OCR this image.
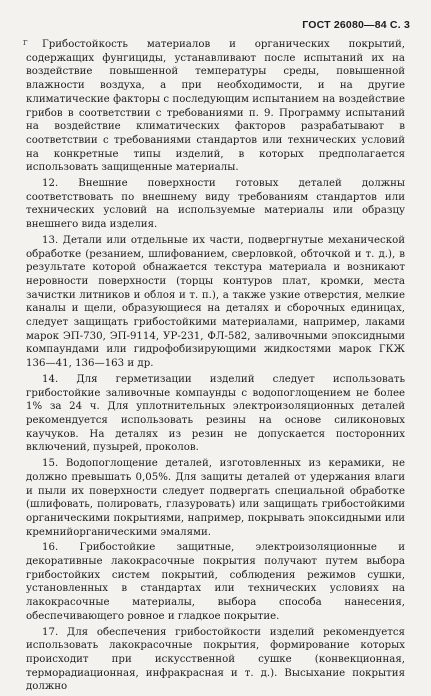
ГОСТ 26080—84 С. 3
г	Грибостойкость материалов и органических покрытий, содержащих фунгициды, устанавливают после испытаний их на воздействие повышенной температуры среды, повышенной влажности воздуха, а при необходимости, и на другие климатические факторы с последующим испытанием на воздействие грибов в соответствии с требованиями п. 9. Программу испытаний на воздействие климатических факторов разрабатывают в соответствии с требованиями стандартов или технических условий на конкретные типы изделий, в которых предполагается использовать защищенные материалы.

12. Внешние поверхности готовых деталей должны соответствовать по внешнему виду требованиям стандартов или технических условий на используемые материалы или образцу внешнего вида изделия.

13. Детали или отдельные их части, подвергнутые механической обработке (резанием, шлифованием, сверловкой, обточкой и т. д.), в результате которой обнажается текстура материала и возникают неровности поверхности (торцы контуров плат, кромки, места зачистки литников и облоя и т. п.), а также узкие отверстия, мелкие каналы и щели, образующиеся на деталях и сборочных единицах, следует защищать грибостойкими материалами, например, лаками марок ЭП-730, ЭП-9114, УР-231, ФЛ-582, заливочными эпоксидными компаундами или гидрофобизирующими жидкостями марок ГКЖ 136—41, 136—163 и др.

14. Для герметизации изделий следует использовать грибостойкие заливочные компаунды с водопоглощением не более 1% за 24 ч. Для уплотнительных электроизоляционных деталей рекомендуется использовать резины на основе силиконовых каучуков. На деталях из резин не допускается посторонних включений, пузырей, проколов.

15. Водопоглощение деталей, изготовленных из керамики, не должно превышать 0,05%. Для защиты деталей от удержания влаги и пыли их поверхности следует подвергать специальной обработке (шлифовать, полировать, глазуровать) или защищать грибостойкими органическими покрытиями, например, покрывать эпоксидными или кремнийорганическими эмалями.

16. Грибостойкие защитные, электроизоляционные и декоративные лакокрасочные покрытия получают путем выбора грибостойких систем покрытий, соблюдения режимов сушки, установленных в стандартах или технических условиях на лакокрасочные материалы, выбора способа нанесения, обеспечивающего ровное и гладкое покрытие.

17. Для обеспечения грибостойкости изделий рекомендуется использовать лакокрасочные покрытия, формирование которых происходит при искусственной сушке (конвекционная, терморадиационная, инфракрасная и т. д.). Высыхание покрытия должно
